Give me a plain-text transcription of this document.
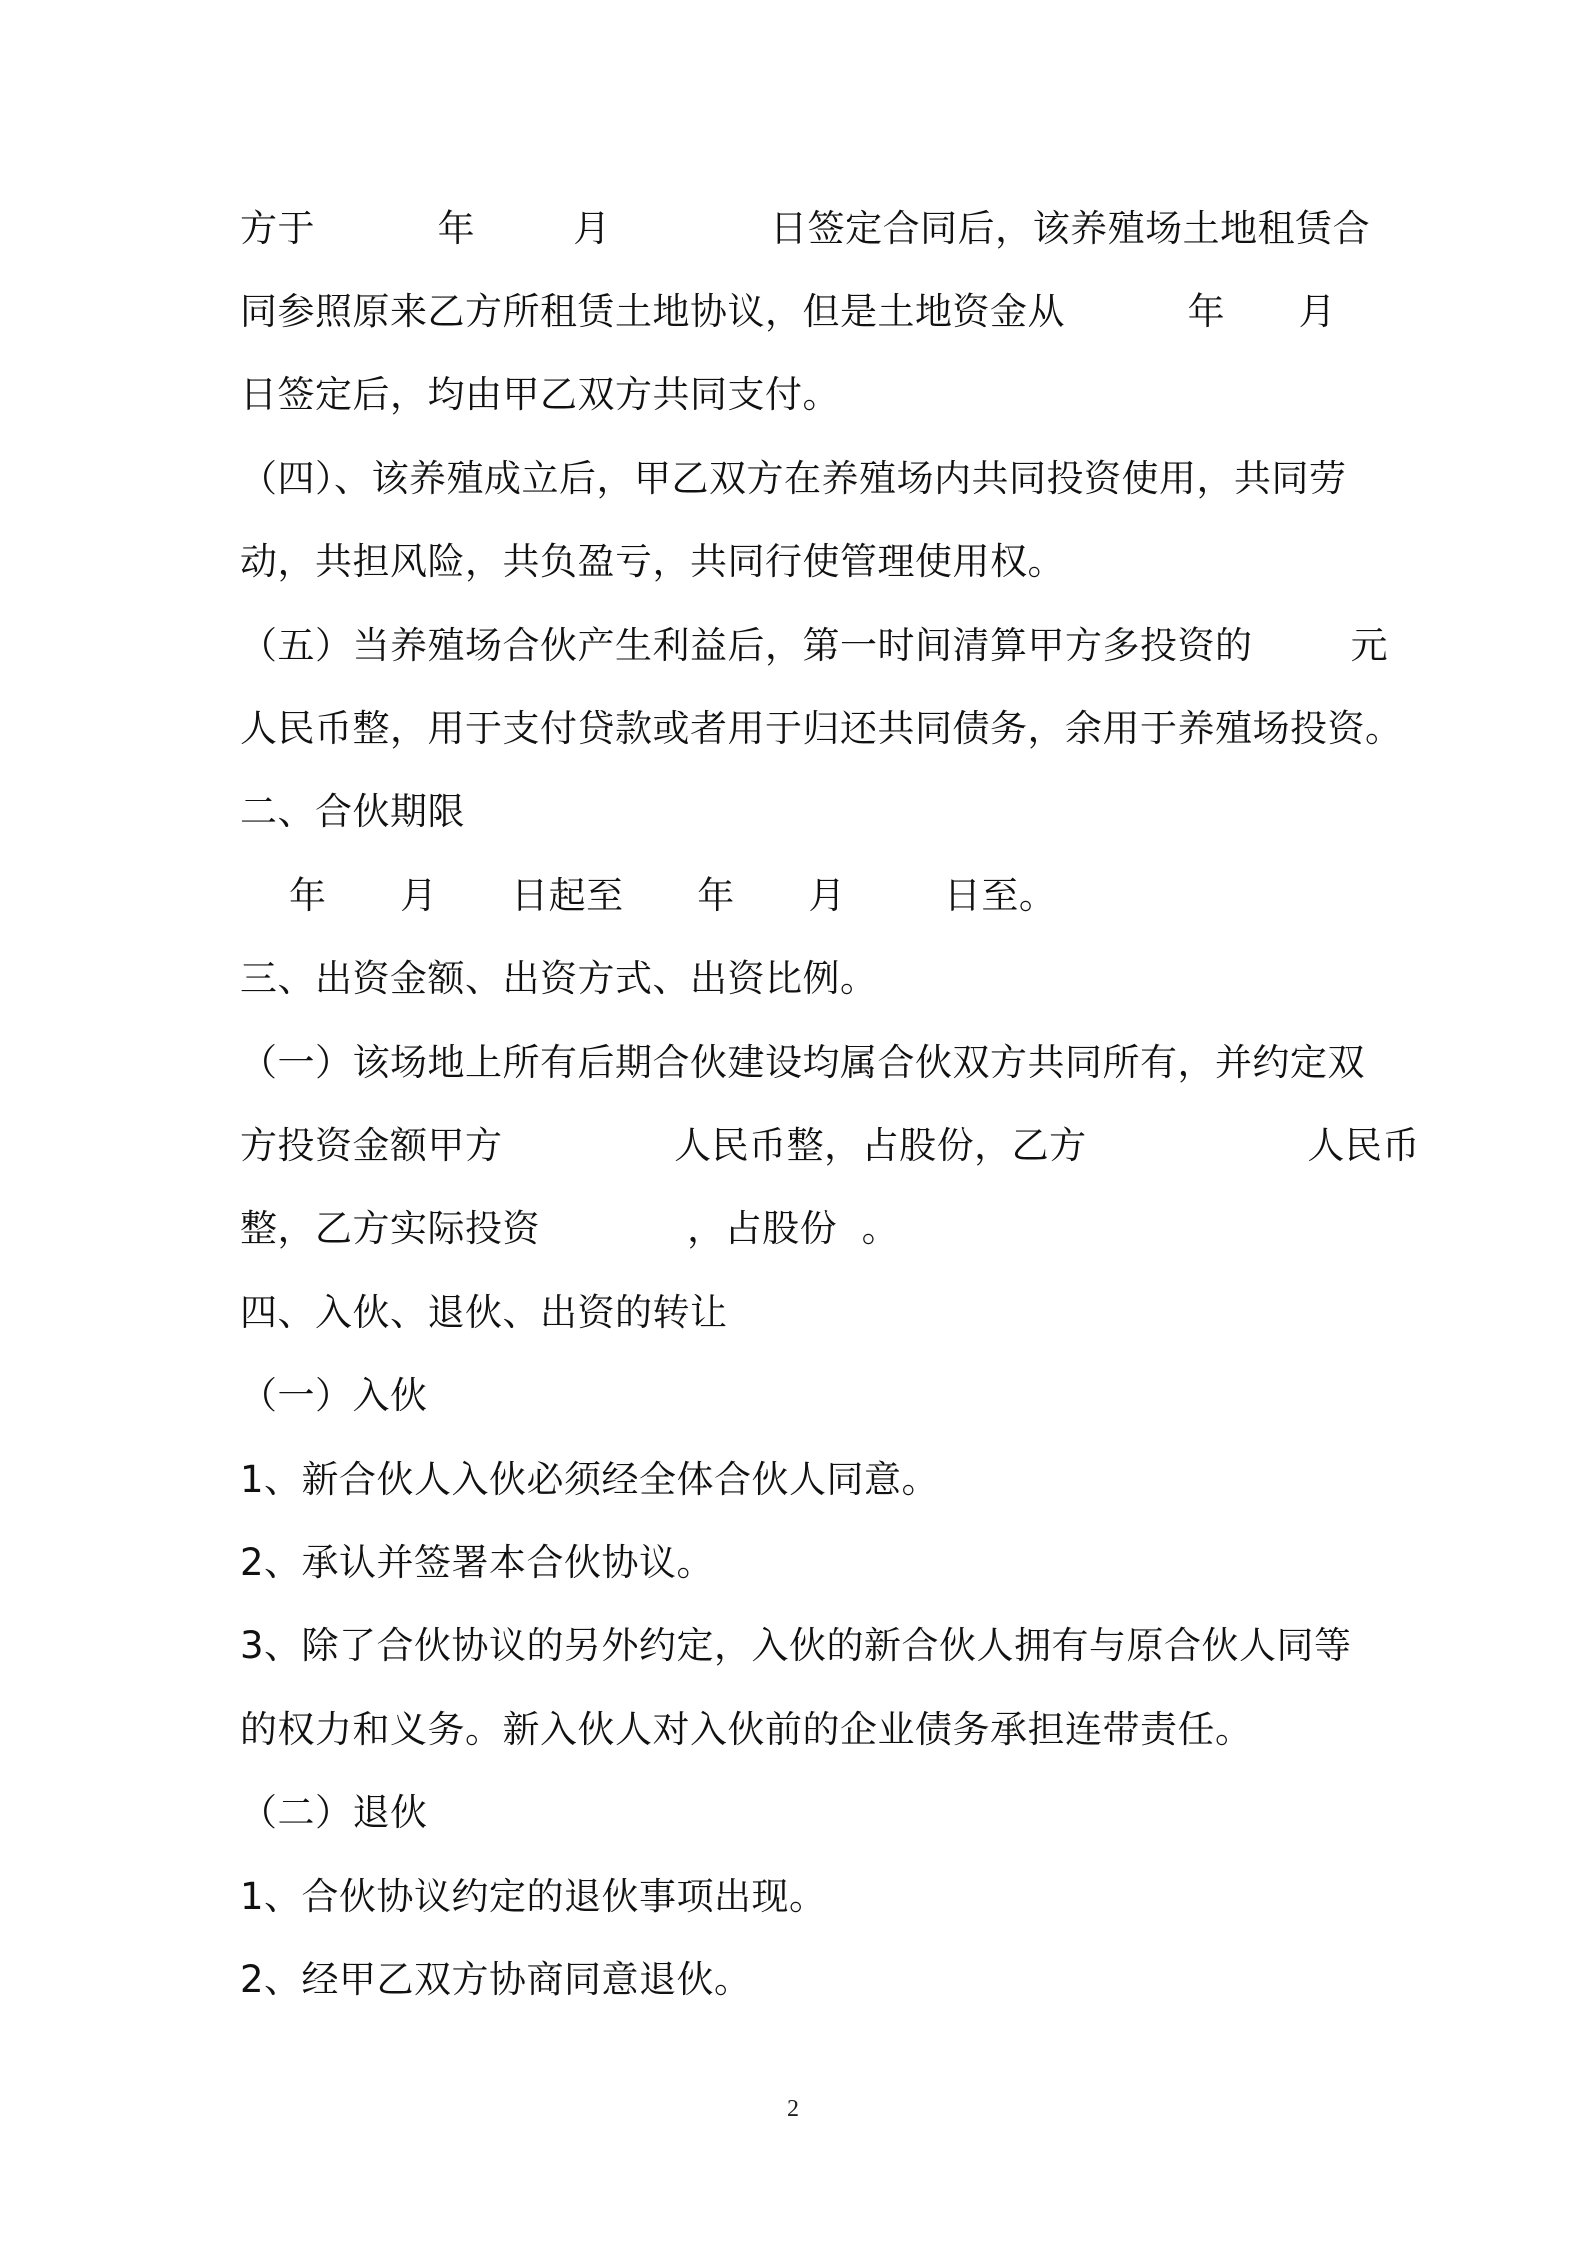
方于          年        月             日签定合同后，该养殖场土地租赁合
同参照原来乙方所租赁土地协议，但是土地资金从          年      月
日签定后，均由甲乙双方共同支付。
（四）、该养殖成立后，甲乙双方在养殖场内共同投资使用，共同劳
动，共担风险，共负盈亏，共同行使管理使用权。
（五）当养殖场合伙产生利益后，第一时间清算甲方多投资的        元
人民币整，用于支付贷款或者用于归还共同债务，余用于养殖场投资。
二、合伙期限
年      月      日起至      年      月        日至。
三、出资金额、出资方式、出资比例。
（一）该场地上所有后期合伙建设均属合伙双方共同所有，并约定双
方投资金额甲方              人民币整，占股份，乙方                  人民币
整，乙方实际投资            ，占股份  。
四、入伙、退伙、出资的转让
（一）入伙
1、新合伙人入伙必须经全体合伙人同意。
2、承认并签署本合伙协议。
3、除了合伙协议的另外约定，入伙的新合伙人拥有与原合伙人同等
的权力和义务。新入伙人对入伙前的企业债务承担连带责任。
（二）退伙
1、合伙协议约定的退伙事项出现。
2、经甲乙双方协商同意退伙。
2
